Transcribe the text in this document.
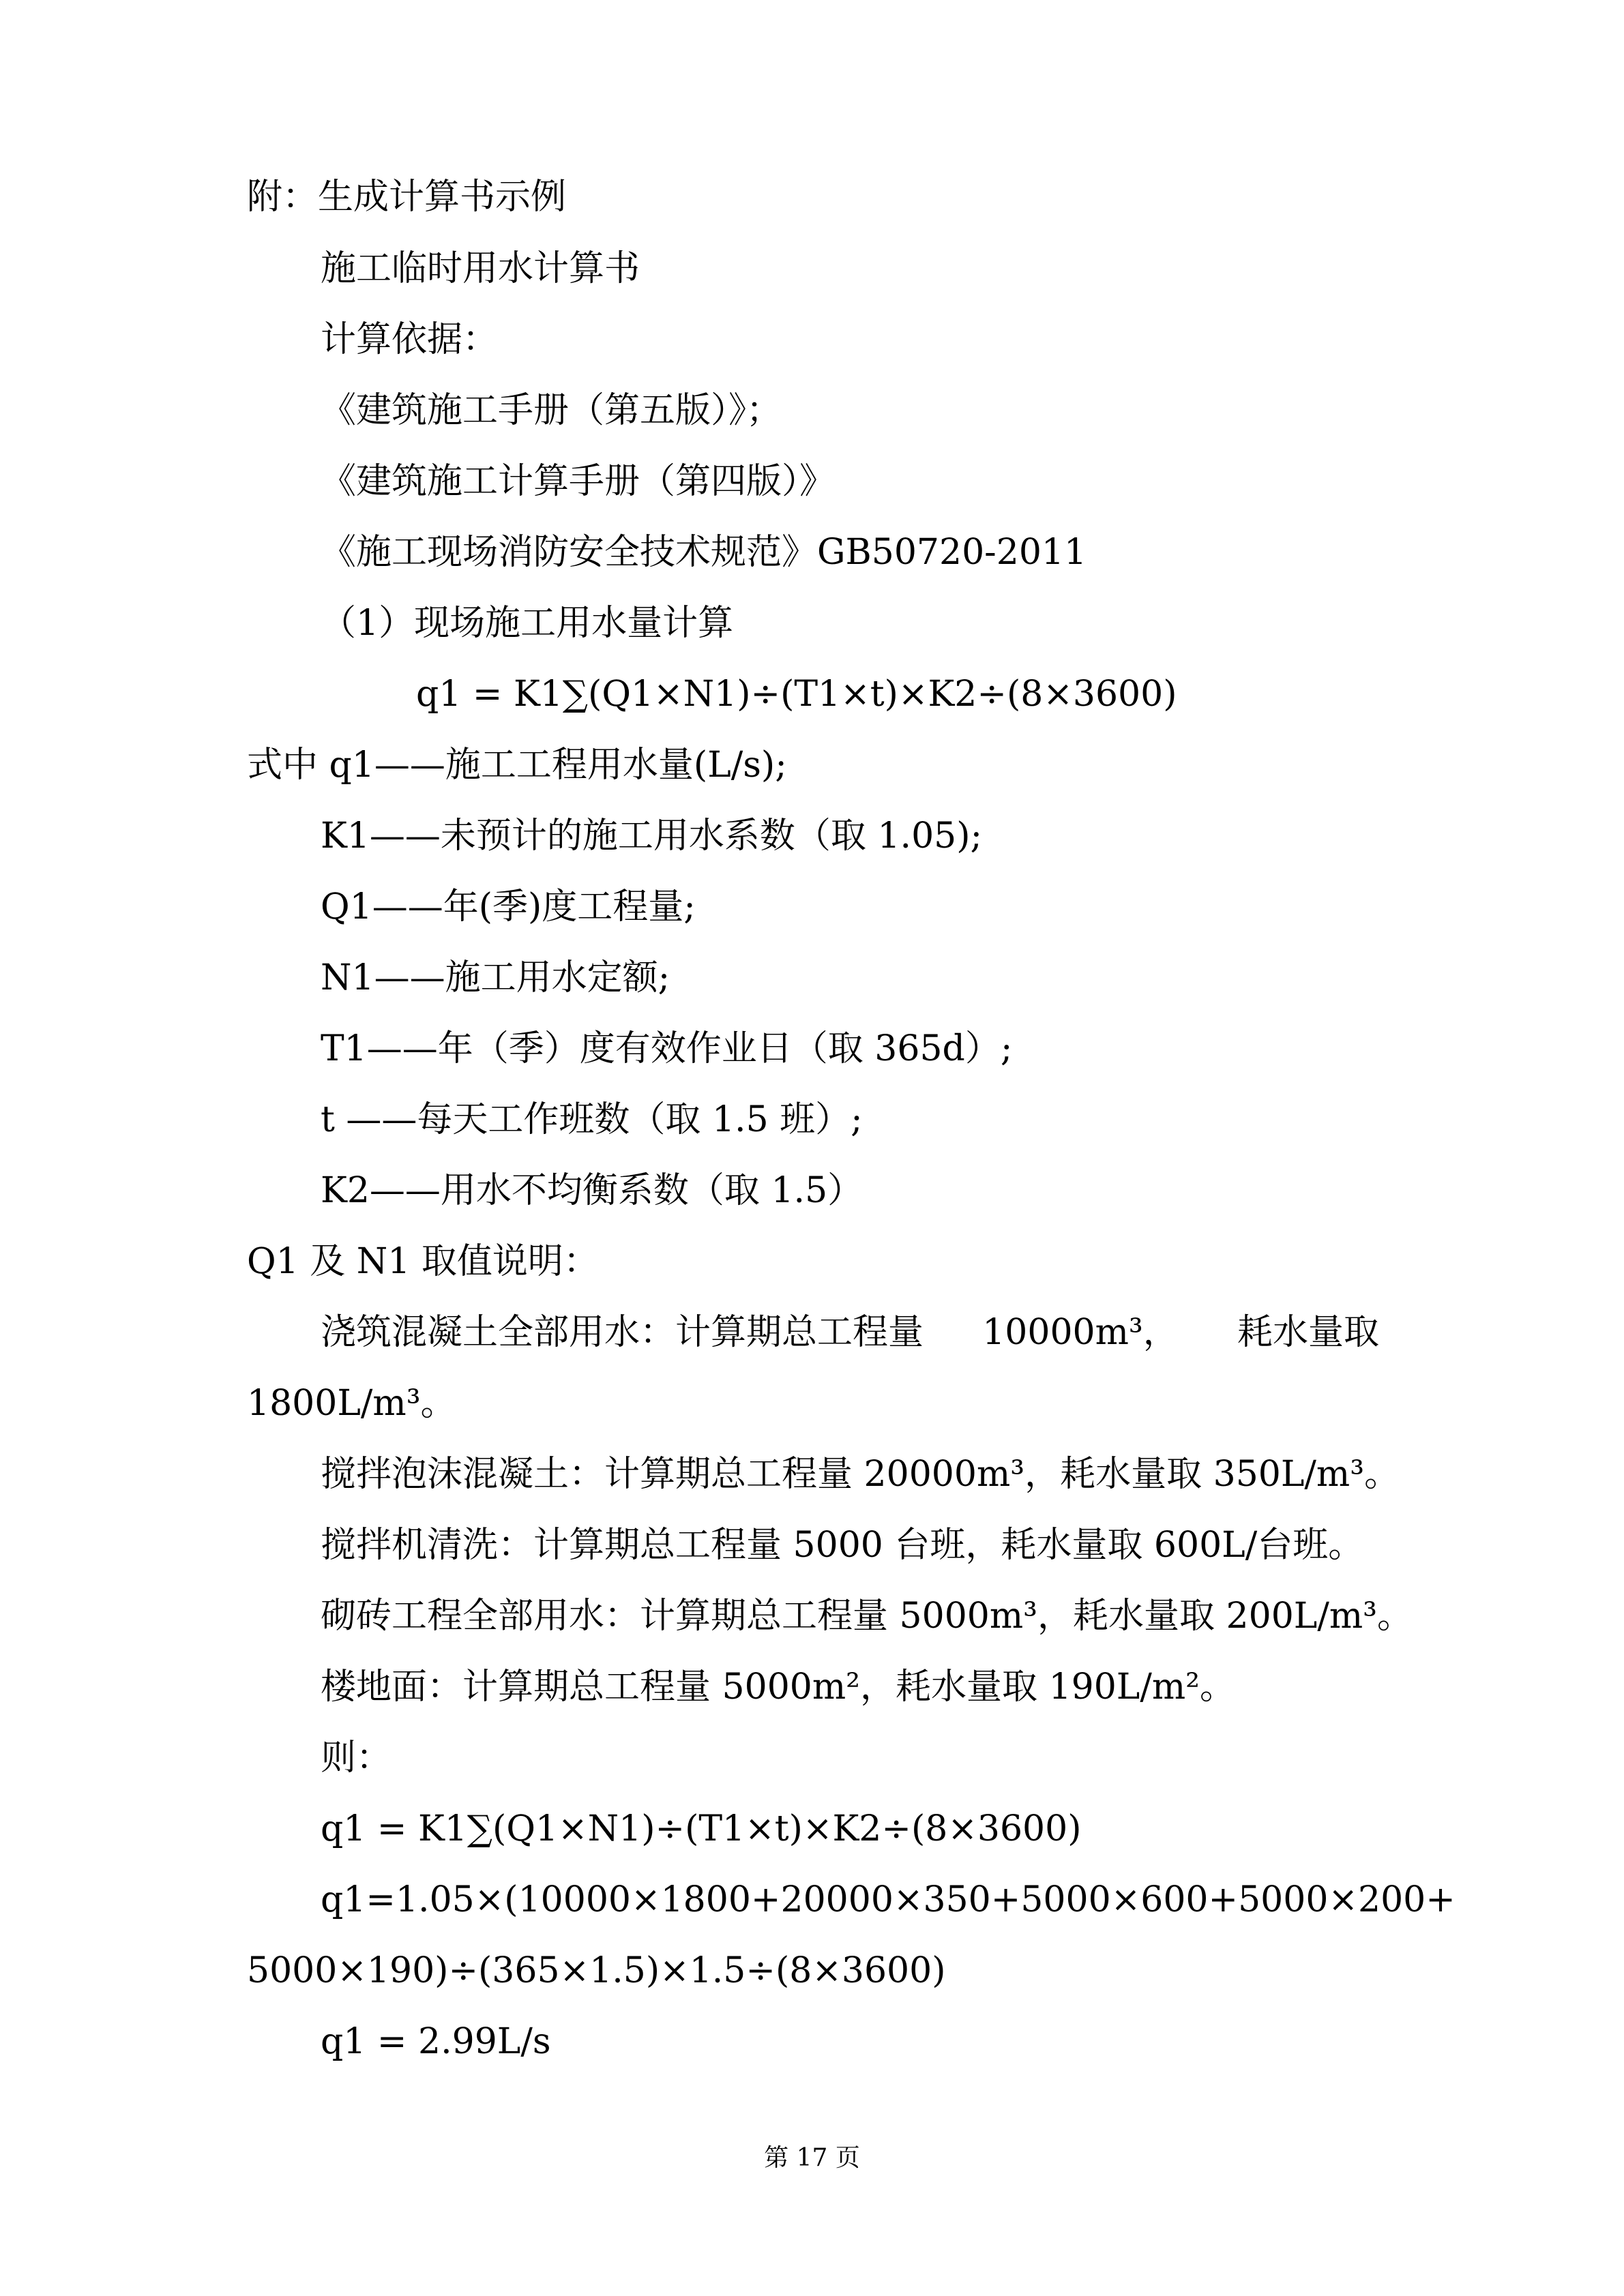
附：生成计算书示例
施工临时用水计算书
计算依据：
《建筑施工手册（第五版）》；
《建筑施工计算手册（第四版）》
《施工现场消防安全技术规范》GB50720-2011
（1）现场施工用水量计算
q1 = K1∑(Q1×N1)÷(T1×t)×K2÷(8×3600)
式中 q1——施工工程用水量(L/s);
K1——未预计的施工用水系数（取 1.05);
Q1——年(季)度工程量;
N1——施工用水定额;
T1——年（季）度有效作业日（取 365d）;
t ——每天工作班数（取 1.5 班）;
K2——用水不均衡系数（取 1.5）
Q1 及 N1 取值说明：
浇筑混凝土全部用水：计算期总工程量 10000m³， 耗水量取
1800L/m³。
搅拌泡沫混凝土：计算期总工程量 20000m³，耗水量取 350L/m³。
搅拌机清洗：计算期总工程量 5000 台班，耗水量取 600L/台班。
砌砖工程全部用水：计算期总工程量 5000m³，耗水量取 200L/m³。
楼地面：计算期总工程量 5000m²，耗水量取 190L/m²。
则：
q1 = K1∑(Q1×N1)÷(T1×t)×K2÷(8×3600)
q1 = 1.05×(10000×1800 + 20000×350 + 5000×600 + 5000×200 +
5000×190)÷(365×1.5)×1.5÷(8×3600)
q1 = 2.99L/s
第 17 页
